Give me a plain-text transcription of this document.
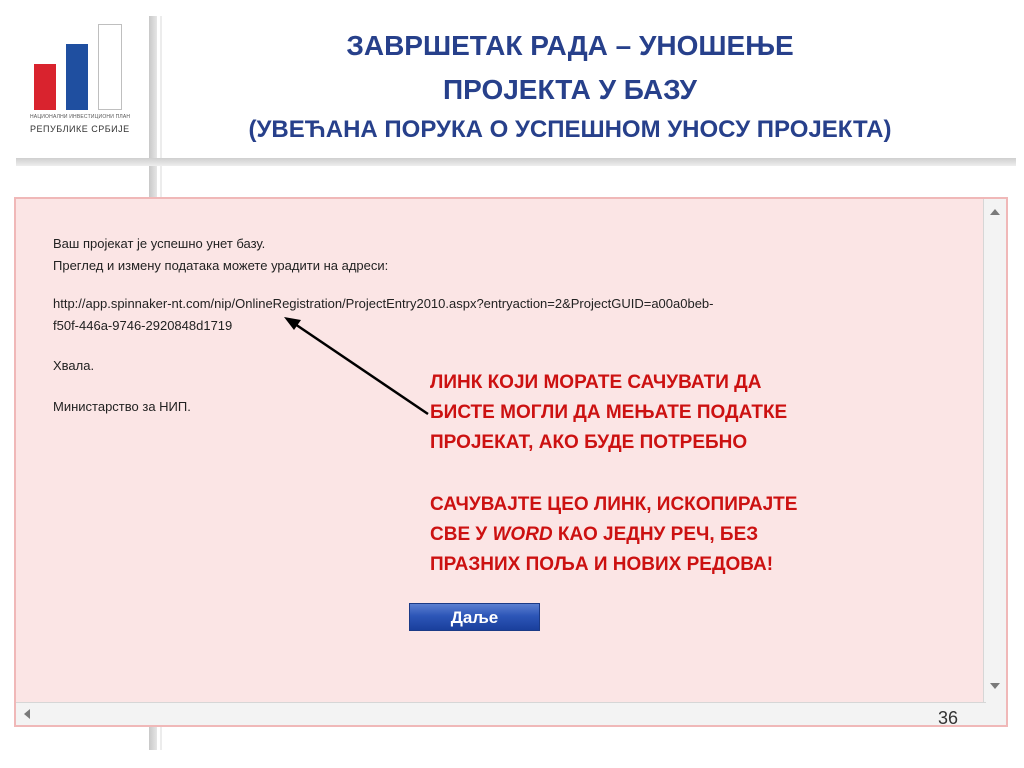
НАЦИОНАЛНИ ИНВЕСТИЦИОНИ ПЛАН
РЕПУБЛИКЕ СРБИЈЕ
ЗАВРШЕТАК РАДА – УНОШЕЊЕ
ПРОЈЕКТА У БАЗУ
(УВЕЋАНА ПОРУКА О УСПЕШНОМ УНОСУ ПРОЈЕКТА)
Ваш пројекат је успешно унет базу.
Преглед и измену података можете урадити на адреси:
http://app.spinnaker-nt.com/nip/OnlineRegistration/ProjectEntry2010.aspx?entryaction=2&ProjectGUID=a00a0beb-
f50f-446a-9746-2920848d1719
Хвала.
Министарство за НИП.
ЛИНК КОЈИ МОРАТЕ САЧУВАТИ ДА
БИСТЕ МОГЛИ ДА МЕЊАТЕ ПОДАТКЕ
ПРОЈЕКАТ, АКО БУДЕ ПОТРЕБНО
САЧУВАЈТЕ ЦЕО ЛИНК, ИСКОПИРАЈТЕ
СВЕ У WORD КАО ЈЕДНУ РЕЧ, БЕЗ
ПРАЗНИХ ПОЉА И НОВИХ РЕДОВА!
Даље
36
